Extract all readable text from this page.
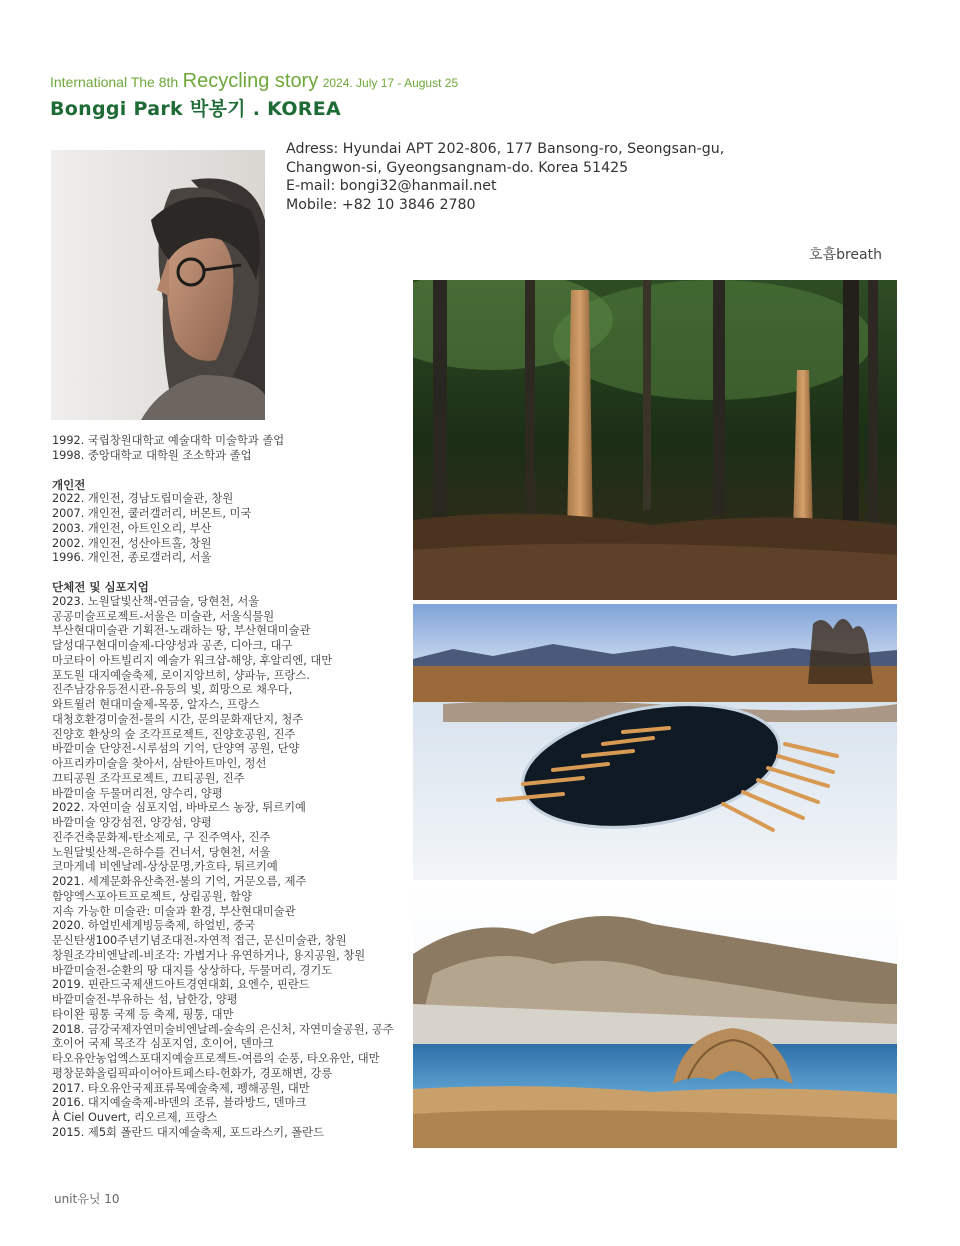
International The 8th Recycling story 2024. July 17 - August 25
Bonggi Park 박봉기 . KOREA
Adress: Hyundai APT 202-806, 177 Bansong-ro, Seongsan-gu,
Changwon-si, Gyeongsangnam-do. Korea 51425
E-mail: bongi32@hanmail.net
Mobile: +82 10 3846 2780
호흡breath
1992. 국립창원대학교 예술대학 미술학과 졸업
1998. 중앙대학교 대학원 조소학과 졸업
개인전
2022. 개인전, 경남도립미술관, 창원
2007. 개인전, 쿨러갤러리, 버몬트, 미국
2003. 개인전, 아트인오리, 부산
2002. 개인전, 성산아트홀, 창원
1996. 개인전, 종로갤러리, 서울
단체전 및 심포지엄
2023. 노원달빛산책-연금술, 당현천, 서울
공공미술프로젝트-서울은 미술관, 서울식물원
부산현대미술관 기획전-노래하는 땅, 부산현대미술관
달성대구현대미술제-다양성과 공존, 디아크, 대구
마코타이 아트빌리지 예술가 워크샵-해양, 후알리엔, 대만
포도원 대지예술축제, 로이지앙브히, 샹파뉴, 프랑스.
진주남강유등전시관-유등의 빛, 희망으로 채우다,
와트윌러 현대미술제-목풍, 알자스, 프랑스
대청호환경미술전-물의 시간, 문의문화재단지, 청주
진양호 환상의 숲 조각프로젝트, 진양호공원, 진주
바깥미술 단양전-시루섬의 기억, 단양역 공원, 단양
아프리카미술을 찾아서, 삼탄아트마인, 정선
끄티공원 조각프로젝트, 끄티공원, 진주
바깥미술 두물머리전, 양수리, 양평
2022. 자연미술 심포지엄, 바바로스 농장, 튀르키예
바깥미술 양강섬전, 양강섬, 양평
진주건축문화제-탄소제로, 구 진주역사, 진주
노원달빛산책-은하수를 건너서, 당현천, 서울
코마게네 비엔날레-상상문명,카흐타, 튀르키예
2021. 세계문화유산축전-불의 기억, 거문오름, 제주
함양엑스포아트프로젝트, 상림공원, 함양
지속 가능한 미술관: 미술과 환경, 부산현대미술관
2020. 하얼빈세계빙등축제, 하얼빈, 중국
문신탄생100주년기념조대전-자연적 접근, 문신미술관, 창원
창원조각비엔날레-비조각: 가볍거나 유연하거나, 용지공원, 창원
바깥미술전-순환의 땅 대지를 상상하다, 두물머리, 경기도
2019. 핀란드국제샌드아트경연대회, 요엔수, 핀란드
바깥미술전-부유하는 섬, 남한강, 양평
타이완 핑통 국제 등 축제, 핑통, 대만
2018. 금강국제자연미술비엔날레-숲속의 은신처, 자연미술공원, 공주
호이어 국제 목조각 심포지엄, 호이어, 덴마크
타오유안농업엑스포대지예술프로젝트-여름의 순풍, 타오유안, 대만
평창문화올림픽파이어아트페스타-헌화가, 경포해변, 강릉
2017. 타오유안국제표류목예술축제, 펭해공원, 대만
2016. 대지예술축제-바덴의 조류, 블라방드, 덴마크
À Ciel Ouvert, 리오르제, 프랑스
2015. 제5회 폴란드 대지예술축제, 포드라스키, 폴란드
unit유닛 10
